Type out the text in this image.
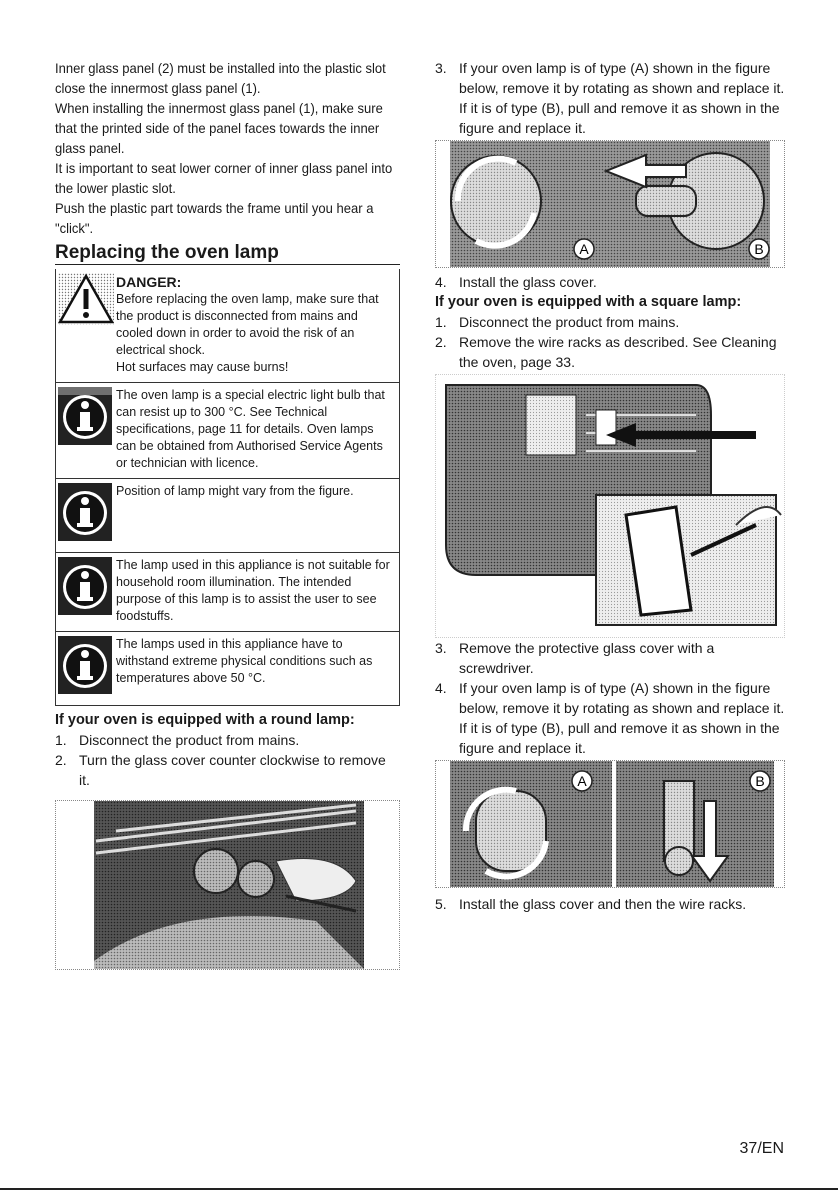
Inner glass panel (2) must be installed into the plastic slot close the innermost glass panel (1).

When installing the innermost glass panel (1), make sure that the printed side of the panel faces towards the inner glass panel.

It is important to seat lower corner of inner glass panel into the lower plastic slot.

Push the plastic part towards the frame until you hear a "click".

Replacing the oven lamp
DANGER:
Before replacing the oven lamp, make sure that the product is disconnected from mains and cooled down in order to avoid the risk of an electrical shock.
Hot surfaces may cause burns!
The oven lamp is a special electric light bulb that can resist up to 300 °C. See Technical specifications, page 11 for details. Oven lamps can be obtained from Authorised Service Agents or technician with licence.
Position of lamp might vary from the figure.
The lamp used in this appliance is not suitable for household room illumination. The intended purpose of this lamp is to assist the user to see foodstuffs.
The lamps used in this appliance have to withstand extreme physical conditions such as temperatures above 50 °C.
If your oven is equipped with a round lamp:
1. Disconnect the product from mains.
2. Turn the glass cover counter clockwise to remove it.
3. If your oven lamp is of type (A) shown in the figure below, remove it by rotating as shown and replace it. If it is of type (B), pull and remove it as shown in the figure and replace it.
A	B
4. Install the glass cover.
If your oven is equipped with a square lamp:
1. Disconnect the product from mains.
2. Remove the wire racks as described. See Cleaning the oven, page 33.
3. Remove the protective glass cover with a screwdriver.
4. If your oven lamp is of type (A) shown in the figure below, remove it by rotating as shown and replace it. If it is of type (B), pull and remove it as shown in the figure and replace it.
A	B
5. Install the glass cover and then the wire racks.
37/EN
